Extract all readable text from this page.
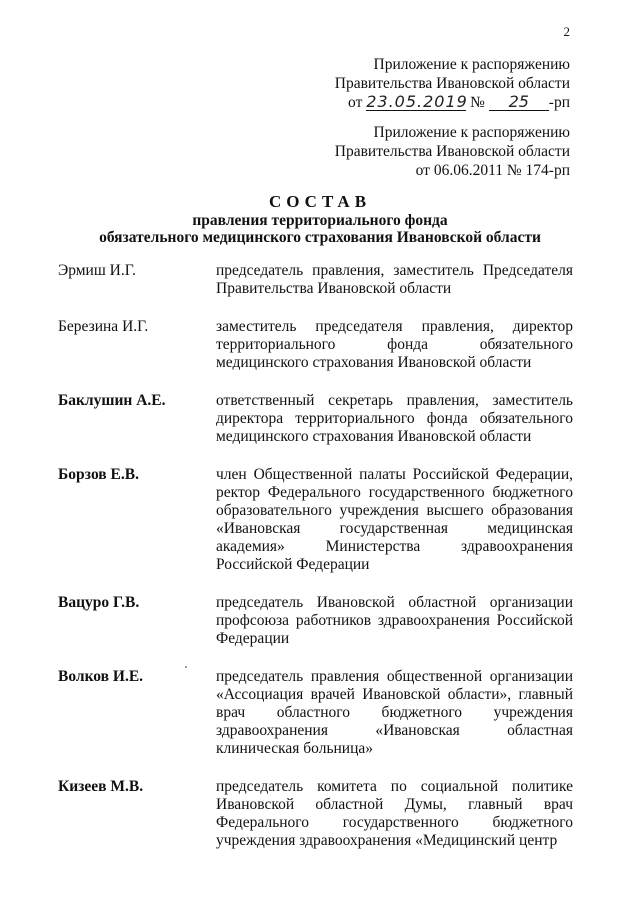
2
Приложение к распоряжению
Правительства Ивановской области
от 23.05.2019 № 25 -рп
Приложение к распоряжению
Правительства Ивановской области
от 06.06.2011 № 174-рп
СОСТАВ
правления территориального фонда
обязательного медицинского страхования Ивановской области
Эрмиш И.Г.	председатель правления, заместитель Председателя Правительства Ивановской области
Березина И.Г.	заместитель председателя правления, директор территориального фонда обязательного медицинского страхования Ивановской области
Баклушин А.Е.	ответственный секретарь правления, заместитель директора территориального фонда обязательного медицинского страхования Ивановской области
Борзов Е.В.	член Общественной палаты Российской Федерации, ректор Федерального государственного бюджетного образовательного учреждения высшего образования «Ивановская государственная медицинская академия» Министерства здравоохранения Российской Федерации
Вацуро Г.В.	председатель Ивановской областной организации профсоюза работников здравоохранения Российской Федерации
Волков И.Е.	председатель правления общественной организации «Ассоциация врачей Ивановской области», главный врач областного бюджетного учреждения здравоохранения «Ивановская областная клиническая больница»
Кизеев М.В.	председатель комитета по социальной политике Ивановской областной Думы, главный врач Федерального государственного бюджетного учреждения здравоохранения «Медицинский центр
